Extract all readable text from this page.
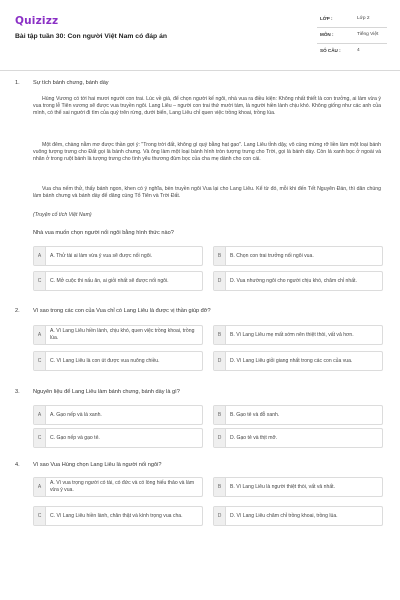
Quizizz
Bài tập tuần 30: Con người Việt Nam có đáp án
LỚP :	Lớp 2
MÔN :	Tiếng Việt
SỐ CÂU :	4
1. Sự tích bánh chưng, bánh dày
Hùng Vương có tới hai mươi người con trai. Lúc về già, để chọn người kế ngôi, nhà vua ra điều kiện: Không nhất thiết là con trưởng, ai làm vừa ý vua trong lễ Tiên vương sẽ được vua truyền ngôi. Lang Liêu – người con trai thứ mười tám, là người hiền lành chịu khó. Không giống như các anh của mình, có thể sai người đi tìm của quý trên rừng, dưới biển, Lang Liêu chỉ quen việc trồng khoai, trồng lúa.
Một đêm, chàng nằm mơ được thần gợi ý: "Trong trời đất, không gì quý bằng hạt gạo". Lang Liêu tỉnh dậy, vô cùng mừng rỡ liền làm một loại bánh vuông tượng trưng cho Đất gọi là bánh chưng. Và ông làm một loại bánh hình tròn tượng trưng cho Trời, gọi là bánh dày. Còn lá xanh bọc ở ngoài và nhân ở trong ruột bánh là tượng trưng cho tình yêu thương đùm bọc của cha mẹ dành cho con cái.
Vua cha nếm thử, thấy bánh ngon, khen có ý nghĩa, bèn truyền ngôi Vua lại cho Lang Liêu. Kể từ đó, mỗi khi đến Tết Nguyên Đán, thì dân chúng làm bánh chưng và bánh dày để dâng cúng Tổ Tiên và Trời Đất.
(Truyện cổ tích Việt Nam)
Nhà vua muốn chọn người nối ngôi bằng hình thức nào?
A	A. Thử tài ai làm vừa ý vua sẽ được nối ngôi.	B	B. Chọn con trai trưởng nối ngôi vua.
C	C. Mở cuộc thi nấu ăn, ai giỏi nhất sẽ được nối ngôi.	D	D. Vua nhường ngôi cho người chịu khó, chăm chỉ nhất.
2. Vì sao trong các con của Vua chỉ có Lang Liêu là được vị thần giúp đỡ?
A
A. Vì Lang Liêu hiền lành, chịu khó, quen việc trồng khoai, trồng lúa.
B	B. Vì Lang Liêu mẹ mất sớm nên thiệt thòi, vất vả hơn.
C	C. Vì Lang Liêu là con út được vua nuông chiều.	D	D. Vì Lang Liêu giỏi giang nhất trong các con của vua.
3. Nguyên liệu để Lang Liêu làm bánh chưng, bánh dày là gì?
A	A. Gạo nếp và lá xanh.	B	B. Gạo tẻ và đỗ xanh.
C	C. Gạo nếp và gạo tẻ.	D	D. Gạo tẻ và thịt mỡ.
4. Vì sao Vua Hùng chọn Lang Liêu là người nối ngôi?
A
A. Vì vua trọng người có tài, có đức và có lòng hiếu thảo và làm vừa ý vua.
B	B. Vì Lang Liêu là người thiệt thòi, vất vả nhất.
C	C. Vì Lang Liêu hiền lành, chân thật và kính trọng vua cha.	D	D. Vì Lang Liêu chăm chỉ trồng khoai, trồng lúa.
